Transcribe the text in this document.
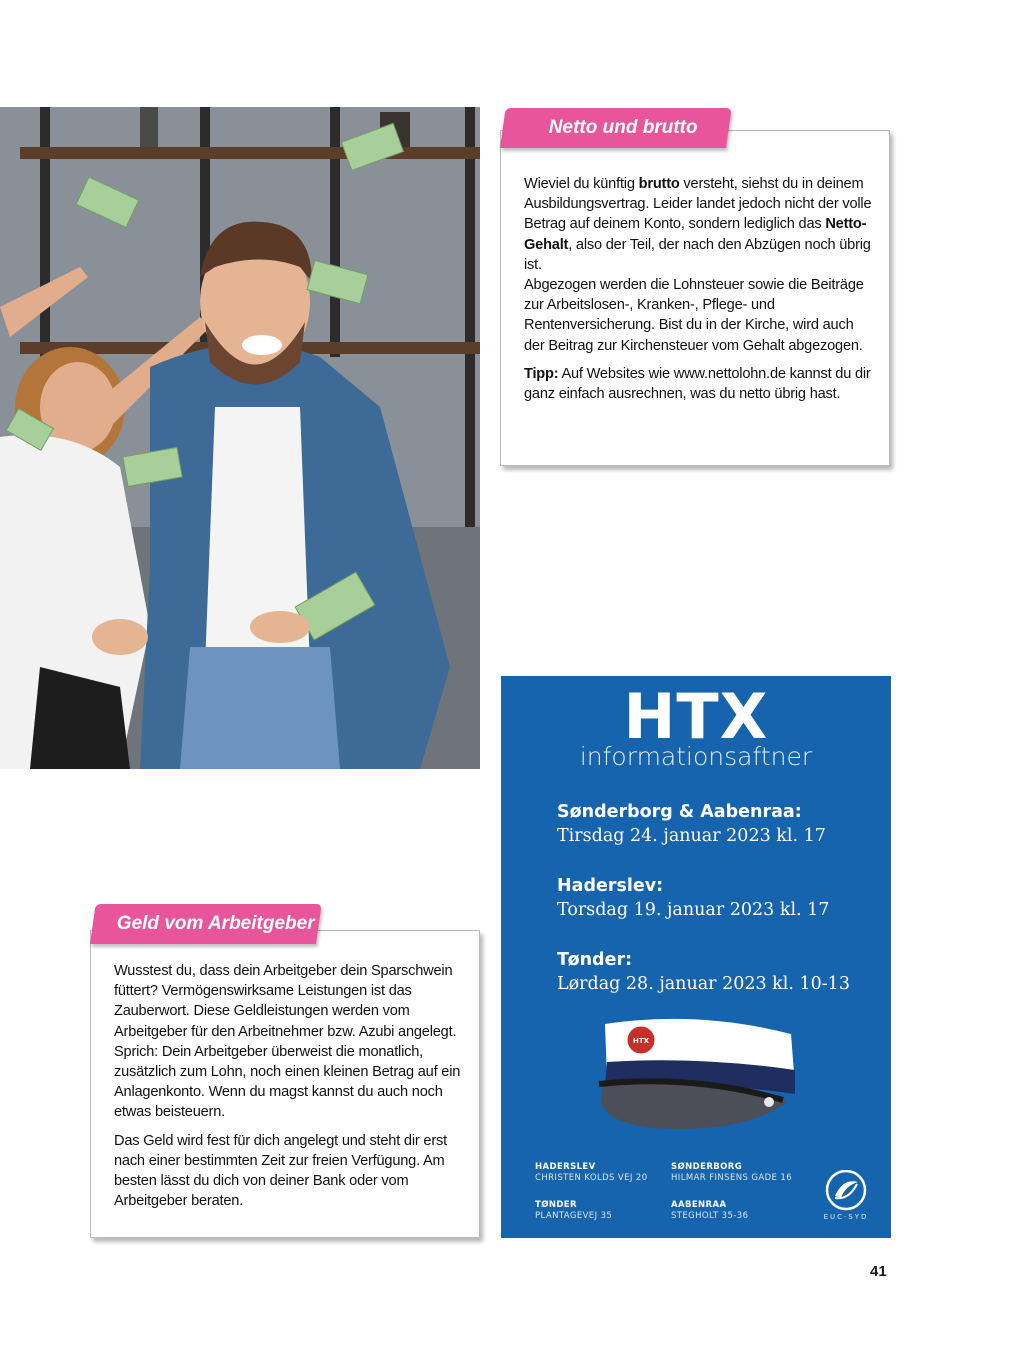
Wieviel du künftig brutto versteht, siehst du in deinem Ausbildungsvertrag. Leider landet jedoch nicht der volle Betrag auf deinem Konto, sondern lediglich das Netto-Gehalt, also der Teil, der nach den Abzügen noch übrig ist.

Abgezogen werden die Lohnsteuer sowie die Beiträge zur Arbeitslosen-, Kranken-, Pflege- und Rentenversicherung. Bist du in der Kirche, wird auch der Beitrag zur Kirchensteuer vom Gehalt abgezogen.

Tipp: Auf Websites wie www.nettolohn.de kannst du dir ganz einfach ausrechnen, was du netto übrig hast.

Netto und brutto

Wusstest du, dass dein Arbeitgeber dein Sparschwein füttert? Vermögenswirksame Leistungen ist das Zauberwort. Diese Geldleistungen werden vom Arbeitgeber für den Arbeitnehmer bzw. Azubi angelegt. Sprich: Dein Arbeitgeber überweist die monatlich, zusätzlich zum Lohn, noch einen kleinen Betrag auf ein Anlagenkonto. Wenn du magst kannst du auch noch etwas beisteuern.

Das Geld wird fest für dich angelegt und steht dir erst nach einer bestimmten Zeit zur freien Verfügung. Am besten lässt du dich von deiner Bank oder vom Arbeitgeber beraten.

Geld vom Arbeitgeber
HTX
informationsaftner
Sønderborg & Aabenraa:
Tirsdag 24. januar 2023 kl. 17
Haderslev:
Torsdag 19. januar 2023 kl. 17
Tønder:
Lørdag 28. januar 2023 kl. 10-13
HTX
HADERSLEV
CHRISTEN KOLDS VEJ 20
SØNDERBORG
HILMAR FINSENS GADE 16
TØNDER
PLANTAGEVEJ 35
AABENRAA
STEGHOLT 35-36	EUC·SYD
41
